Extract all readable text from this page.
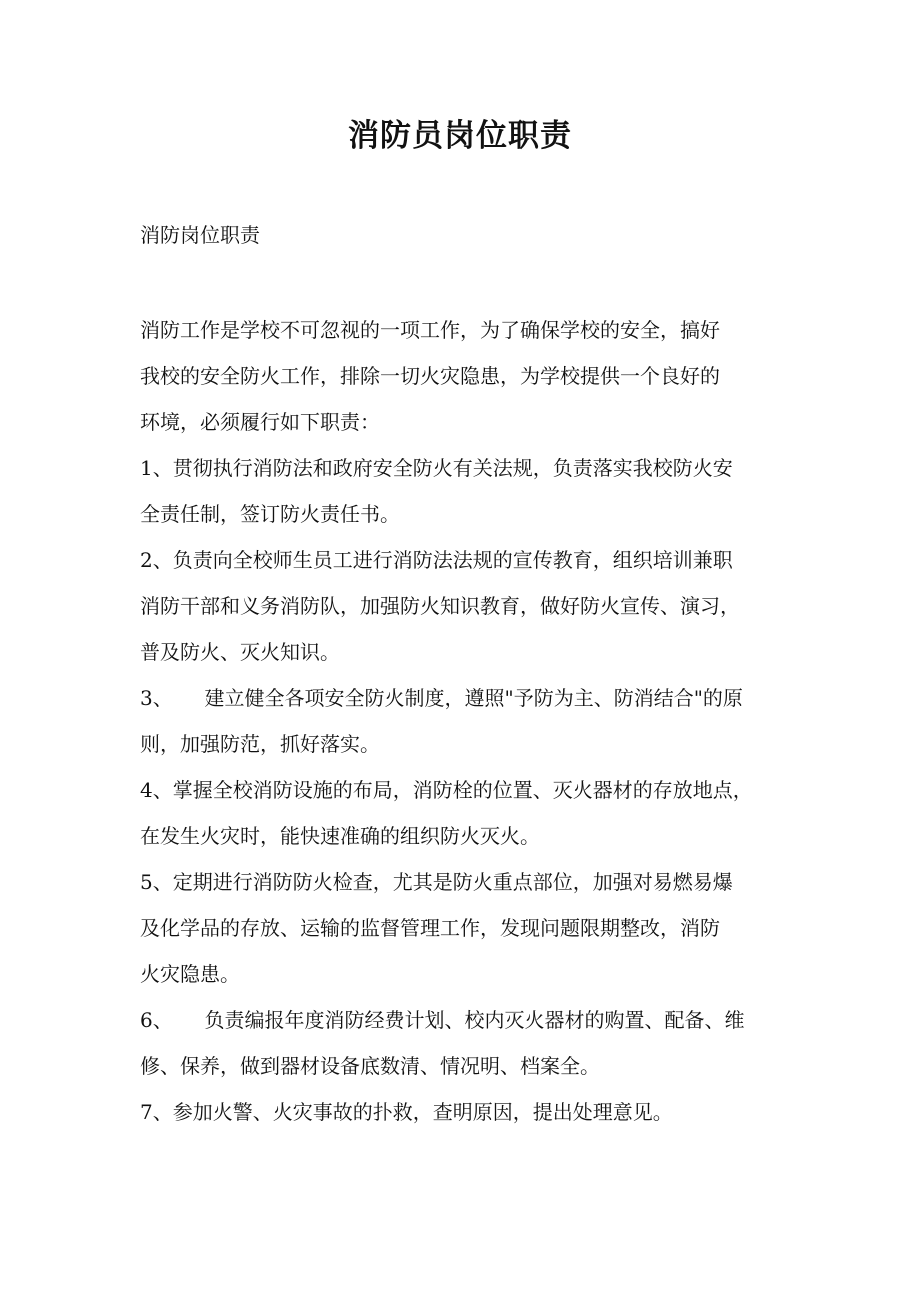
消防员岗位职责

消防岗位职责

消防工作是学校不可忽视的一项工作，为了确保学校的安全，搞好
我校的安全防火工作，排除一切火灾隐患，为学校提供一个良好的
环境，必须履行如下职责：
1、贯彻执行消防法和政府安全防火有关法规，负责落实我校防火安
全责任制，签订防火责任书。
2、负责向全校师生员工进行消防法法规的宣传教育，组织培训兼职
消防干部和义务消防队，加强防火知识教育，做好防火宣传、演习，
普及防火、灭火知识。
3、     建立健全各项安全防火制度，遵照"予防为主、防消结合"的原
则，加强防范，抓好落实。
4、掌握全校消防设施的布局，消防栓的位置、灭火器材的存放地点，
在发生火灾时，能快速准确的组织防火灭火。
5、定期进行消防防火检查，尤其是防火重点部位，加强对易燃易爆
及化学品的存放、运输的监督管理工作，发现问题限期整改，消防
火灾隐患。
6、     负责编报年度消防经费计划、校内灭火器材的购置、配备、维
修、保养，做到器材设备底数清、情况明、档案全。
7、参加火警、火灾事故的扑救，查明原因，提出处理意见。
